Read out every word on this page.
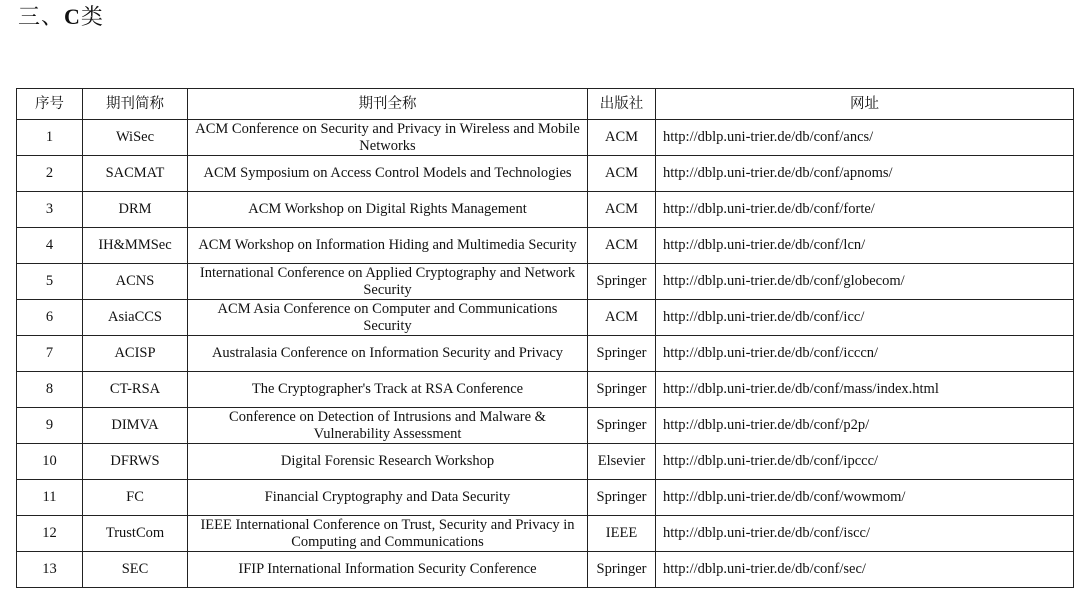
三、C类
序号	期刊简称	期刊全称	出版社	网址
1	WiSec	ACM Conference on Security and Privacy in Wireless and Mobile Networks	ACM	http://dblp.uni-trier.de/db/conf/ancs/
2	SACMAT	ACM Symposium on Access Control Models and Technologies	ACM	http://dblp.uni-trier.de/db/conf/apnoms/
3	DRM	ACM Workshop on Digital Rights Management	ACM	http://dblp.uni-trier.de/db/conf/forte/
4	IH&MMSec	ACM Workshop on Information Hiding and Multimedia Security	ACM	http://dblp.uni-trier.de/db/conf/lcn/
5	ACNS	International Conference on Applied Cryptography and Network Security	Springer	http://dblp.uni-trier.de/db/conf/globecom/
6	AsiaCCS	ACM Asia Conference on Computer and Communications Security	ACM	http://dblp.uni-trier.de/db/conf/icc/
7	ACISP	Australasia Conference on Information Security and Privacy	Springer	http://dblp.uni-trier.de/db/conf/icccn/
8	CT-RSA	The Cryptographer's Track at RSA Conference	Springer	http://dblp.uni-trier.de/db/conf/mass/index.html
9	DIMVA	Conference on Detection of Intrusions and Malware & Vulnerability Assessment	Springer	http://dblp.uni-trier.de/db/conf/p2p/
10	DFRWS	Digital Forensic Research Workshop	Elsevier	http://dblp.uni-trier.de/db/conf/ipccc/
11	FC	Financial Cryptography and Data Security	Springer	http://dblp.uni-trier.de/db/conf/wowmom/
12	TrustCom	IEEE International Conference on Trust, Security and Privacy in Computing and Communications	IEEE	http://dblp.uni-trier.de/db/conf/iscc/
13	SEC	IFIP International Information Security Conference	Springer	http://dblp.uni-trier.de/db/conf/sec/
